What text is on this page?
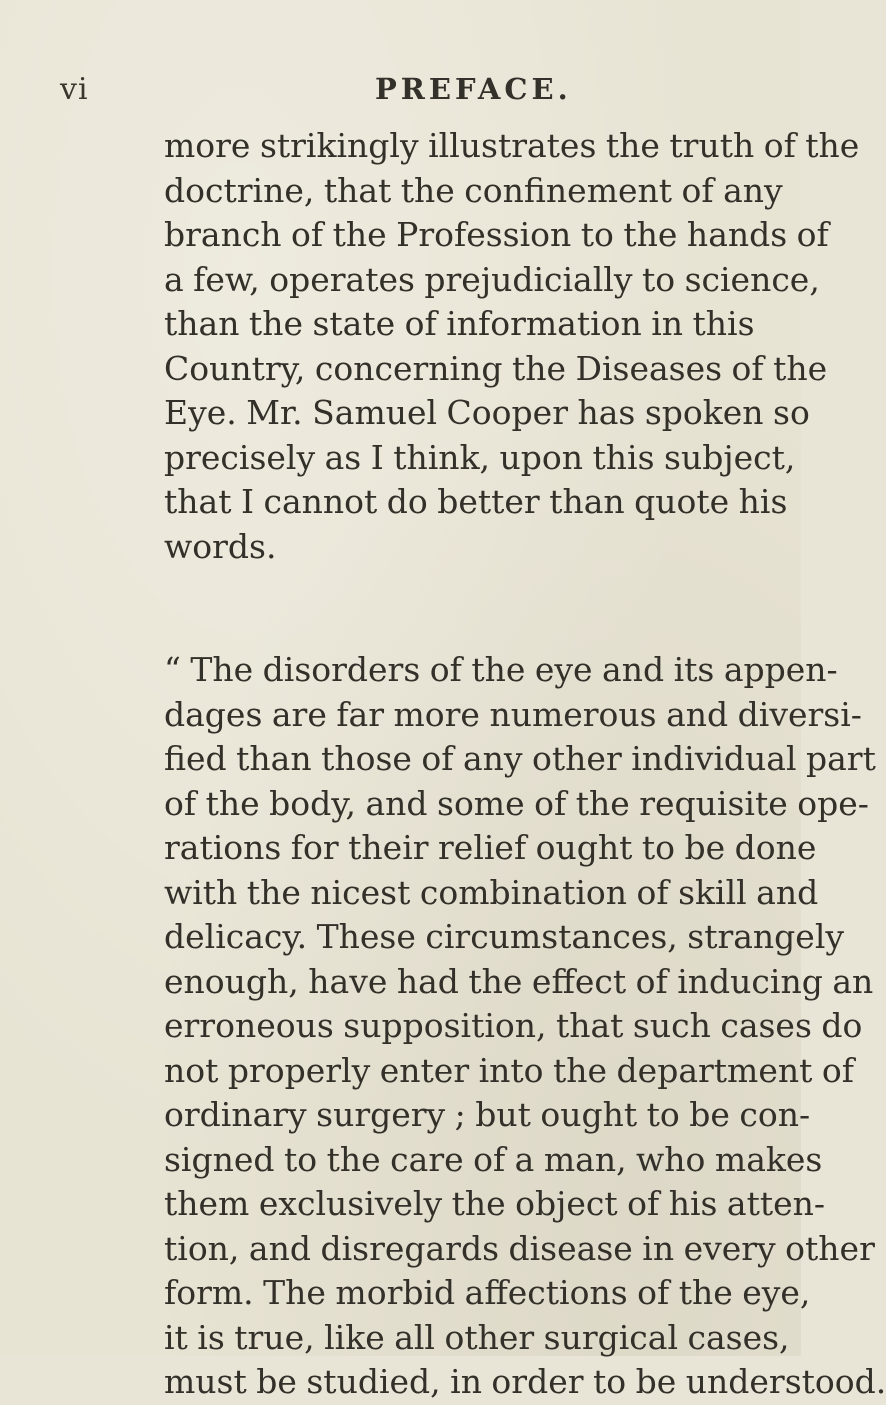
vi	PREFACE.
more strikingly illustrates the truth of the
doctrine, that the confinement of any
branch of the Profession to the hands of
a few, operates prejudicially to science,
than the state of information in this
Country, concerning the Diseases of the
Eye. Mr. Samuel Cooper has spoken so
precisely as I think, upon this subject,
that I cannot do better than quote his
words.
“ The disorders of the eye and its appen-
dages are far more numerous and diversi-
fied than those of any other individual part
of the body, and some of the requisite ope-
rations for their relief ought to be done
with the nicest combination of skill and
delicacy. These circumstances, strangely
enough, have had the effect of inducing an
erroneous supposition, that such cases do
not properly enter into the department of
ordinary surgery ; but ought to be con-
signed to the care of a man, who makes
them exclusively the object of his atten-
tion, and disregards disease in every other
form. The morbid affections of the eye,
it is true, like all other surgical cases,
must be studied, in order to be understood.
